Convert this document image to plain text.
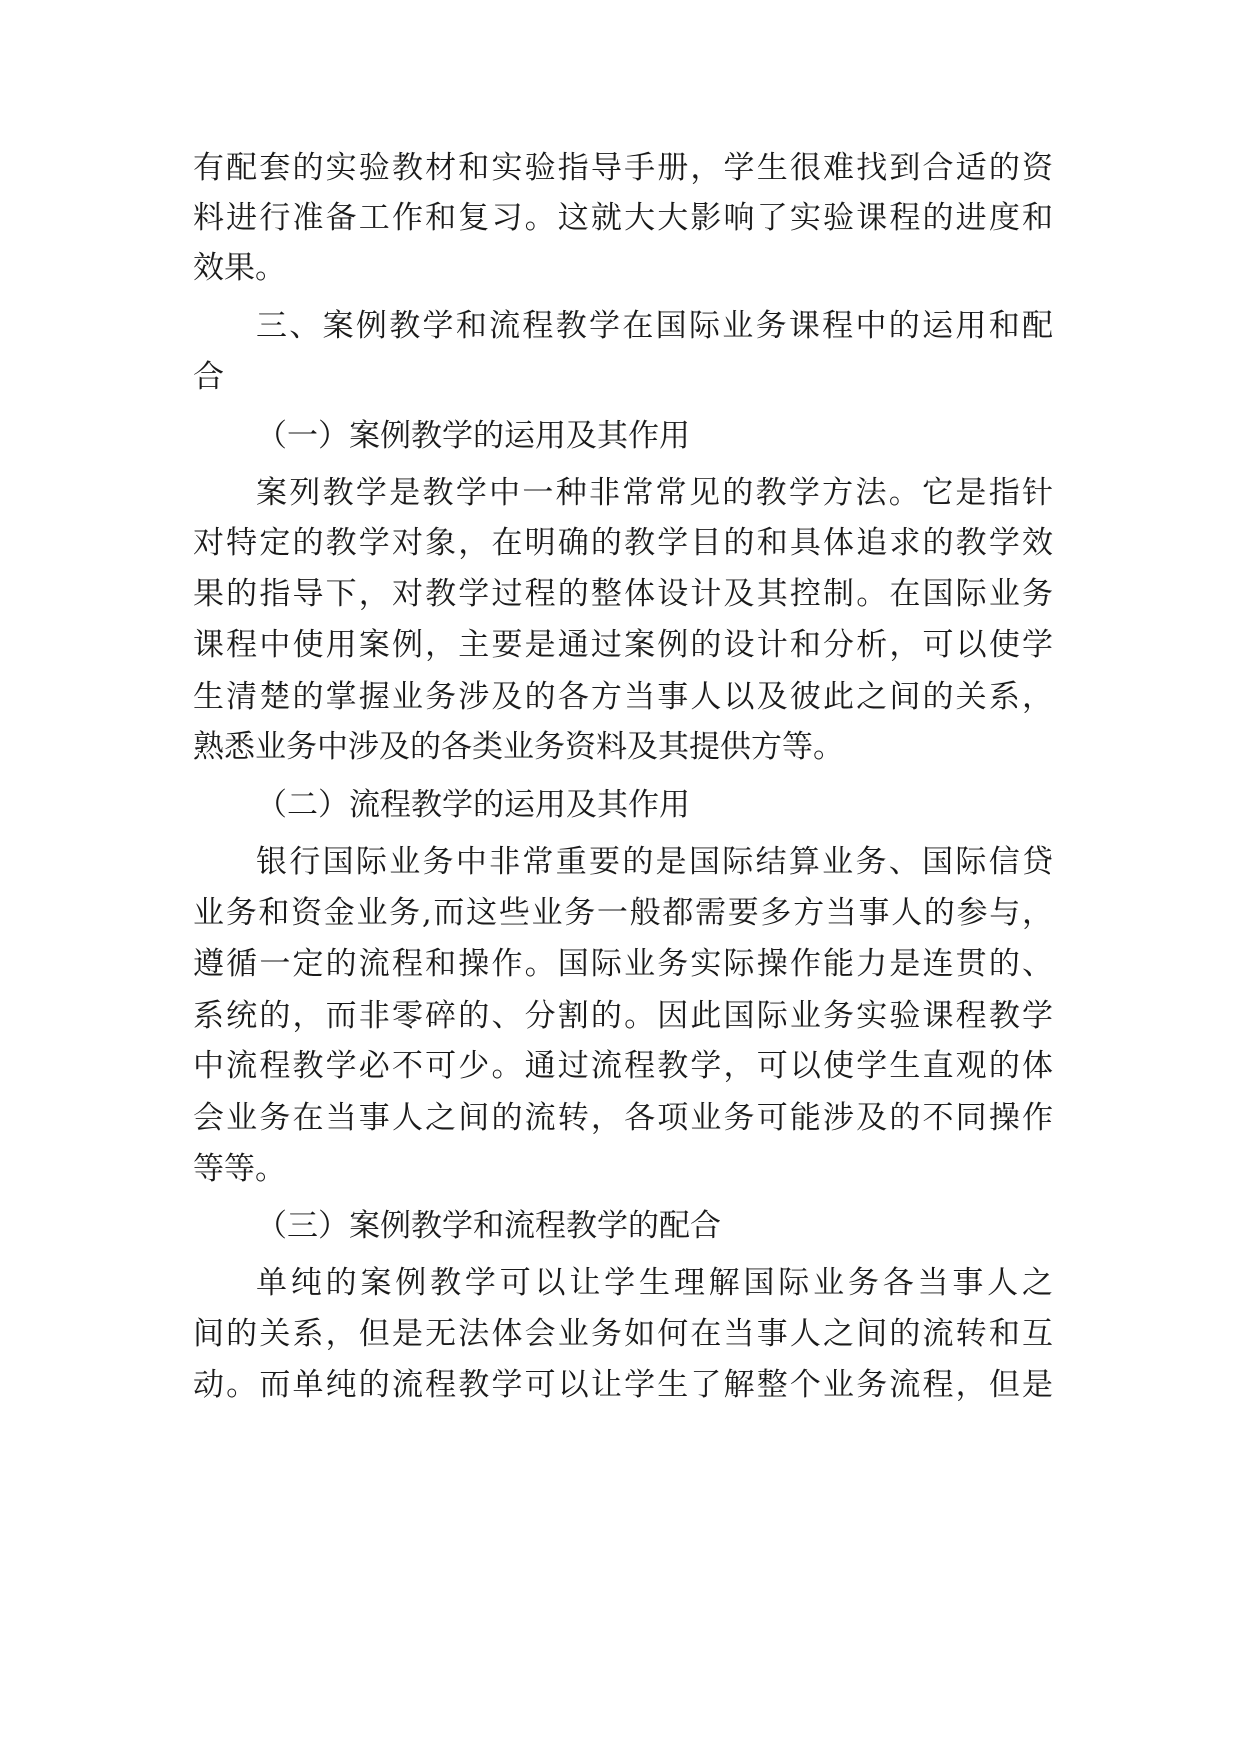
有配套的实验教材和实验指导手册，学生很难找到合适的资
料进行准备工作和复习。这就大大影响了实验课程的进度和
效果。
三、案例教学和流程教学在国际业务课程中的运用和配
合
（一）案例教学的运用及其作用
案列教学是教学中一种非常常见的教学方法。它是指针
对特定的教学对象，在明确的教学目的和具体追求的教学效
果的指导下，对教学过程的整体设计及其控制。在国际业务
课程中使用案例，主要是通过案例的设计和分析，可以使学
生清楚的掌握业务涉及的各方当事人以及彼此之间的关系，
熟悉业务中涉及的各类业务资料及其提供方等。
（二）流程教学的运用及其作用
银行国际业务中非常重要的是国际结算业务、国际信贷
业务和资金业务,而这些业务一般都需要多方当事人的参与，
遵循一定的流程和操作。国际业务实际操作能力是连贯的、
系统的，而非零碎的、分割的。因此国际业务实验课程教学
中流程教学必不可少。通过流程教学，可以使学生直观的体
会业务在当事人之间的流转，各项业务可能涉及的不同操作
等等。
（三）案例教学和流程教学的配合
单纯的案例教学可以让学生理解国际业务各当事人之
间的关系，但是无法体会业务如何在当事人之间的流转和互
动。而单纯的流程教学可以让学生了解整个业务流程，但是
